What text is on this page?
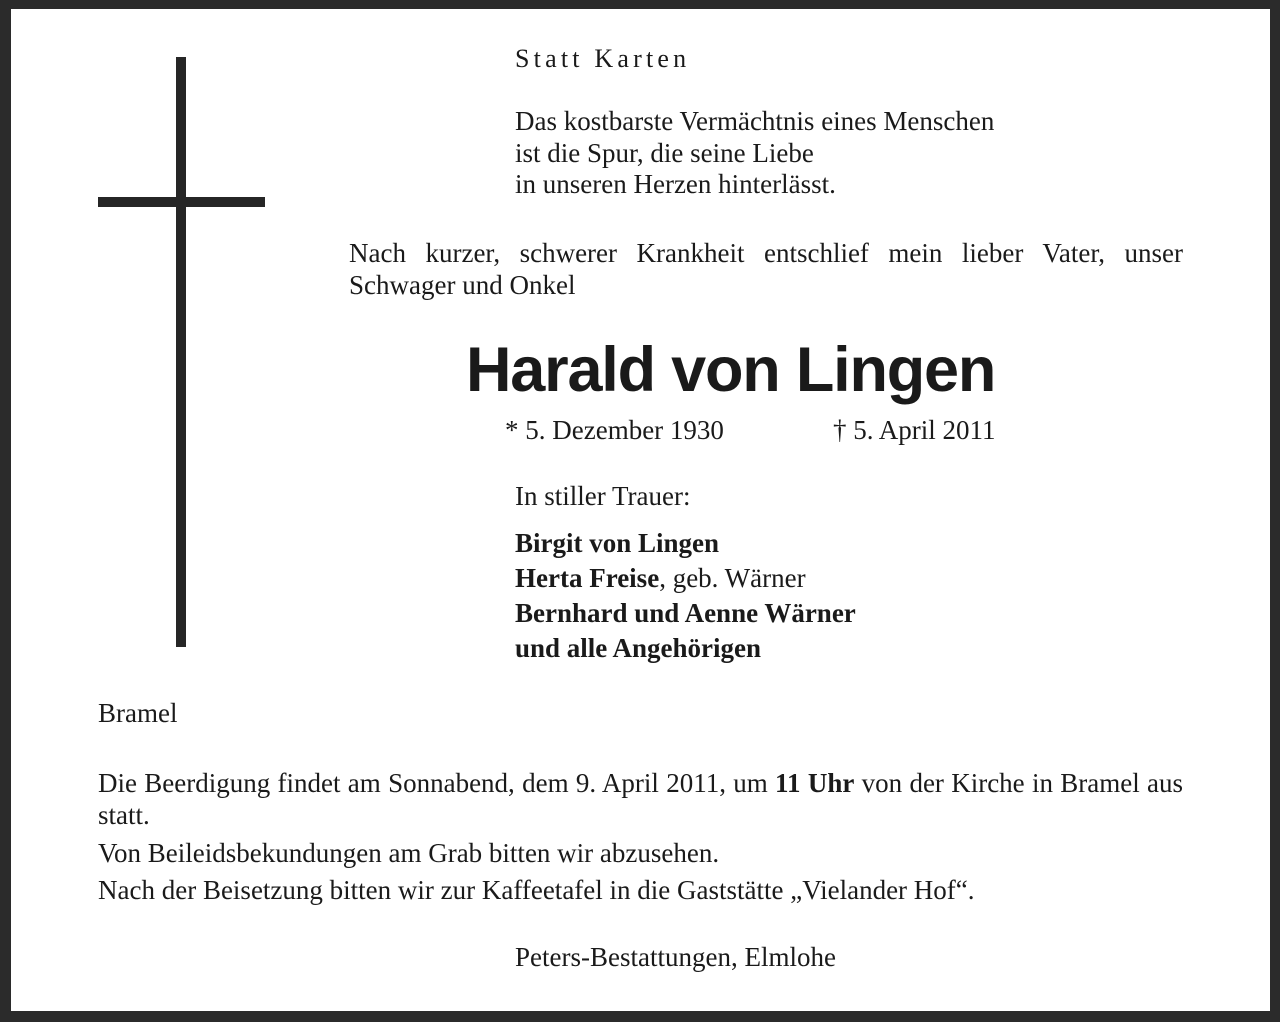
Statt Karten
Das kostbarste Vermächtnis eines Menschen
ist die Spur, die seine Liebe
in unseren Herzen hinterlässt.
Nach kurzer, schwerer Krankheit entschlief mein lieber Vater, unser Schwager und Onkel
Harald von Lingen
* 5. Dezember 1930	† 5. April 2011
In stiller Trauer:
Birgit von Lingen
Herta Freise, geb. Wärner
Bernhard und Aenne Wärner
und alle Angehörigen
Bramel
Die Beerdigung findet am Sonnabend, dem 9. April 2011, um 11 Uhr von der Kirche in Bramel aus statt.
Von Beileidsbekundungen am Grab bitten wir abzusehen.
Nach der Beisetzung bitten wir zur Kaffeetafel in die Gaststätte „Vielander Hof“.
Peters-Bestattungen, Elmlohe
